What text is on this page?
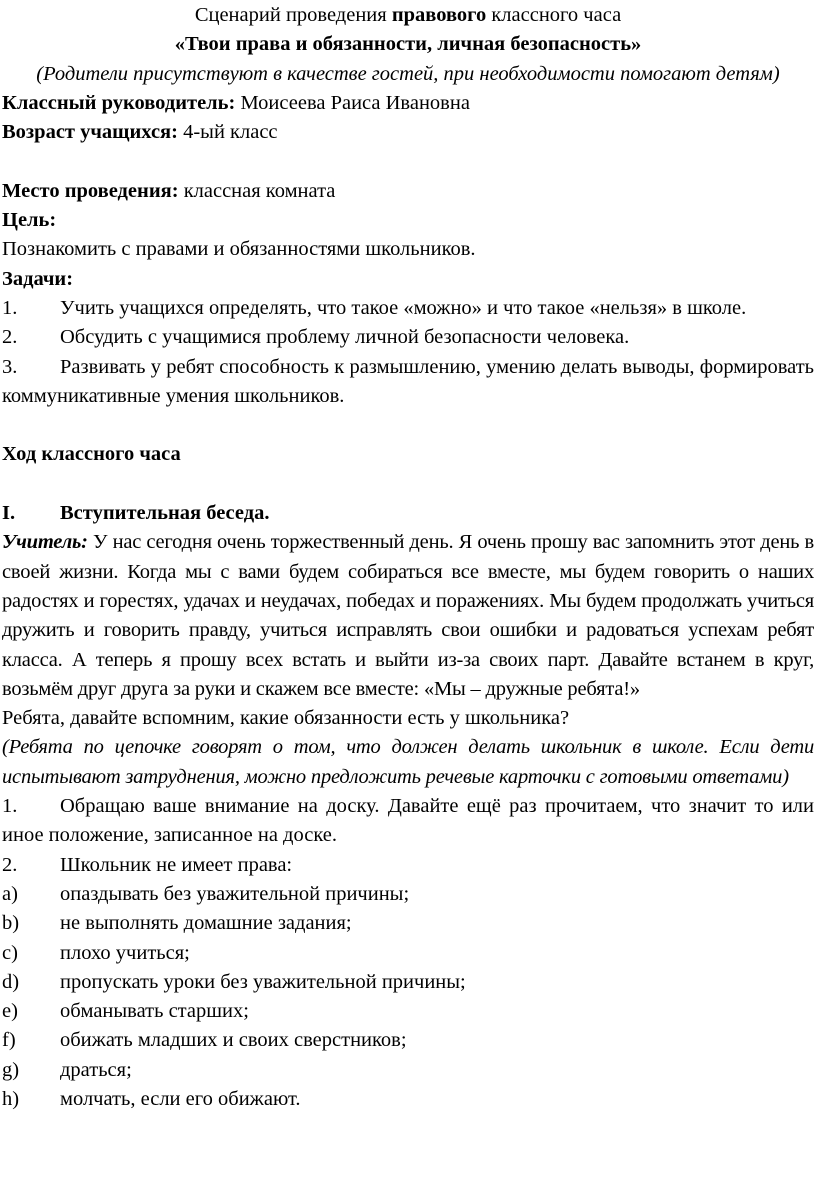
Сценарий проведения правового классного часа
«Твои права и обязанности, личная безопасность»
(Родители присутствуют в качестве гостей, при необходимости помогают детям)
Классный руководитель: Моисеева Раиса Ивановна
Возраст учащихся: 4-ый класс
Место проведения: классная комната
Цель:
Познакомить с правами и обязанностями школьников.
Задачи:
1. Учить учащихся определять, что такое «можно» и что такое «нельзя» в школе.
2. Обсудить с учащимися проблему личной безопасности человека.
3. Развивать у ребят способность к размышлению, умению делать выводы, формировать коммуникативные умения школьников.
Ход классного часа
I.	Вступительная беседа.
Учитель: У нас сегодня очень торжественный день. Я очень прошу вас запомнить этот день в своей жизни. Когда мы с вами будем собираться все вместе, мы будем говорить о наших радостях и горестях, удачах и неудачах, победах и поражениях. Мы будем продолжать учиться дружить и говорить правду, учиться исправлять свои ошибки и радоваться успехам ребят класса. А теперь я прошу всех встать и выйти из-за своих парт. Давайте встанем в круг, возьмём друг друга за руки и скажем все вместе: «Мы – дружные ребята!»
Ребята, давайте вспомним, какие обязанности есть у школьника?
(Ребята по цепочке говорят о том, что должен делать школьник в школе. Если дети испытывают затруднения, можно предложить речевые карточки с готовыми ответами)
1. Обращаю ваше внимание на доску. Давайте ещё раз прочитаем, что значит то или иное положение, записанное на доске.
2.	Школьник не имеет права:
a)	опаздывать без уважительной причины;
b)	не выполнять домашние задания;
c)	плохо учиться;
d)	пропускать уроки без уважительной причины;
e)	обманывать старших;
f)	обижать младших и своих сверстников;
g)	драться;
h)	молчать, если его обижают.
